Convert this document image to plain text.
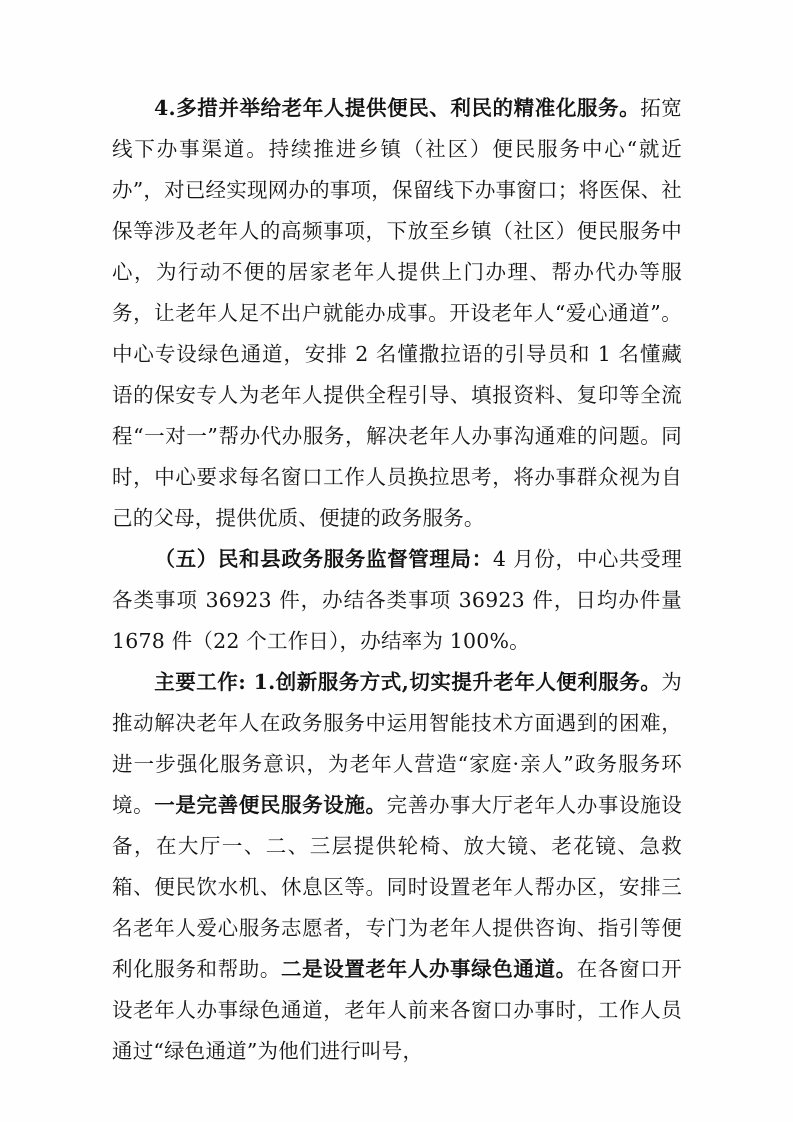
4.多措并举给老年人提供便民、利民的精准化服务。拓宽线下办事渠道。持续推进乡镇（社区）便民服务中心“就近办”，对已经实现网办的事项，保留线下办事窗口；将医保、社保等涉及老年人的高频事项，下放至乡镇（社区）便民服务中心，为行动不便的居家老年人提供上门办理、帮办代办等服务，让老年人足不出户就能办成事。开设老年人“爱心通道”。中心专设绿色通道，安排 2 名懂撒拉语的引导员和 1 名懂藏语的保安专人为老年人提供全程引导、填报资料、复印等全流程“一对一”帮办代办服务，解决老年人办事沟通难的问题。同时，中心要求每名窗口工作人员换拉思考，将办事群众视为自己的父母，提供优质、便捷的政务服务。

（五）民和县政务服务监督管理局：4 月份，中心共受理各类事项 36923 件，办结各类事项 36923 件，日均办件量 1678 件（22 个工作日），办结率为 100%。

主要工作: 1.创新服务方式,切实提升老年人便利服务。为推动解决老年人在政务服务中运用智能技术方面遇到的困难，进一步强化服务意识，为老年人营造“家庭·亲人”政务服务环境。一是完善便民服务设施。完善办事大厅老年人办事设施设备，在大厅一、二、三层提供轮椅、放大镜、老花镜、急救箱、便民饮水机、休息区等。同时设置老年人帮办区，安排三名老年人爱心服务志愿者，专门为老年人提供咨询、指引等便利化服务和帮助。二是设置老年人办事绿色通道。在各窗口开设老年人办事绿色通道，老年人前来各窗口办事时，工作人员通过“绿色通道”为他们进行叫号，
